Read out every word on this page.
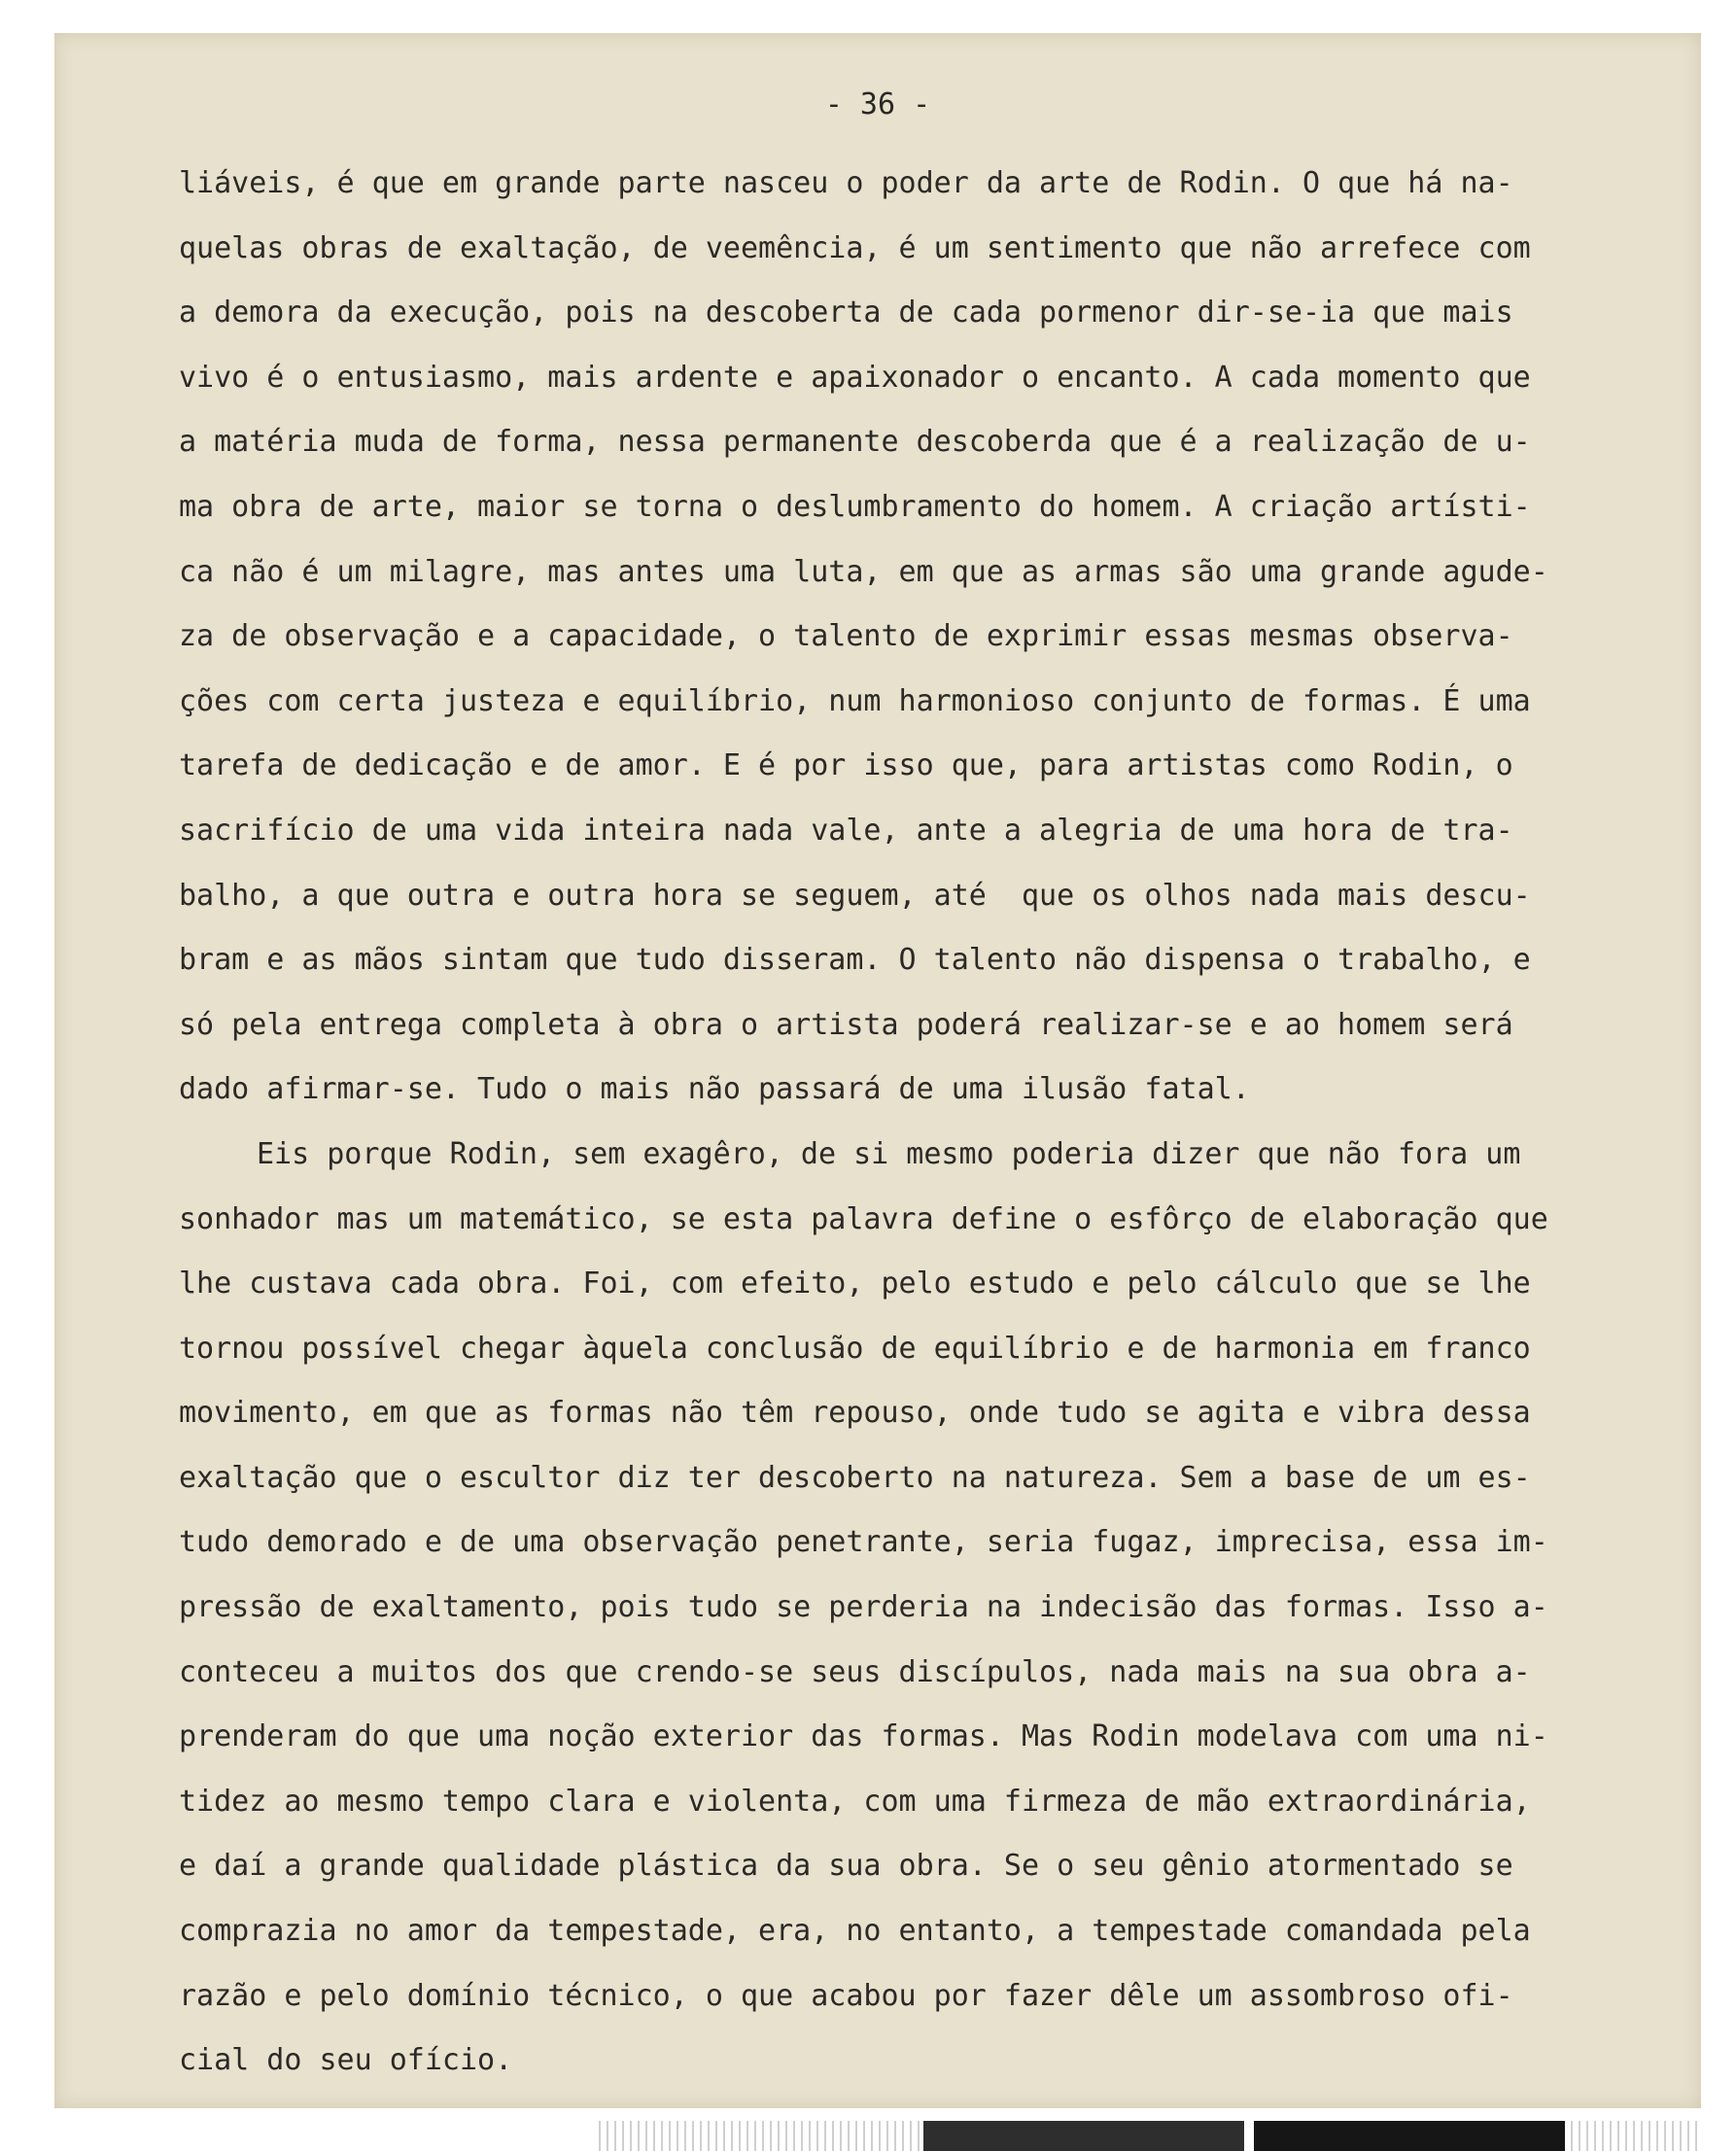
- 36 -
liáveis, é que em grande parte nasceu o poder da arte de Rodin. O que há na-
quelas obras de exaltação, de veemência, é um sentimento que não arrefece com
a demora da execução, pois na descoberta de cada pormenor dir-se-ia que mais
vivo é o entusiasmo, mais ardente e apaixonador o encanto. A cada momento que
a matéria muda de forma, nessa permanente descoberda que é a realização de u-
ma obra de arte, maior se torna o deslumbramento do homem. A criação artísti-
ca não é um milagre, mas antes uma luta, em que as armas são uma grande agude-
za de observação e a capacidade, o talento de exprimir essas mesmas observa-
ções com certa justeza e equilíbrio, num harmonioso conjunto de formas. É uma
tarefa de dedicação e de amor. E é por isso que, para artistas como Rodin, o
sacrifício de uma vida inteira nada vale, ante a alegria de uma hora de tra-
balho, a que outra e outra hora se seguem, até  que os olhos nada mais descu-
bram e as mãos sintam que tudo disseram. O talento não dispensa o trabalho, e
só pela entrega completa à obra o artista poderá realizar-se e ao homem será
dado afirmar-se. Tudo o mais não passará de uma ilusão fatal.
Eis porque Rodin, sem exagêro, de si mesmo poderia dizer que não fora um
sonhador mas um matemático, se esta palavra define o esfôrço de elaboração que
lhe custava cada obra. Foi, com efeito, pelo estudo e pelo cálculo que se lhe
tornou possível chegar àquela conclusão de equilíbrio e de harmonia em franco
movimento, em que as formas não têm repouso, onde tudo se agita e vibra dessa
exaltação que o escultor diz ter descoberto na natureza. Sem a base de um es-
tudo demorado e de uma observação penetrante, seria fugaz, imprecisa, essa im-
pressão de exaltamento, pois tudo se perderia na indecisão das formas. Isso a-
conteceu a muitos dos que crendo-se seus discípulos, nada mais na sua obra a-
prenderam do que uma noção exterior das formas. Mas Rodin modelava com uma ni-
tidez ao mesmo tempo clara e violenta, com uma firmeza de mão extraordinária,
e daí a grande qualidade plástica da sua obra. Se o seu gênio atormentado se
comprazia no amor da tempestade, era, no entanto, a tempestade comandada pela
razão e pelo domínio técnico, o que acabou por fazer dêle um assombroso ofi-
cial do seu ofício.
